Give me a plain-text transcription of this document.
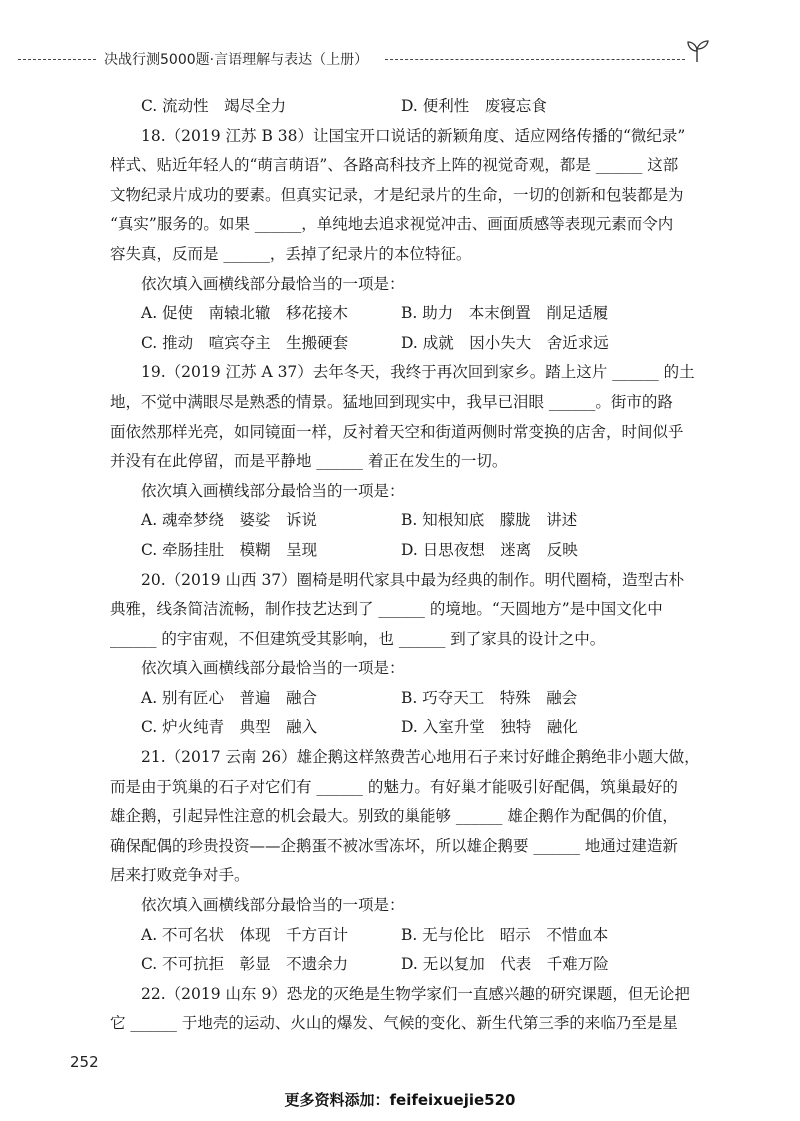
决战行测5000题·言语理解与表达（上册）
C. 流动性　竭尽全力	D. 便利性　废寝忘食

18.（2019 江苏 B 38）让国宝开口说话的新颖角度、适应网络传播的“微纪录”

样式、贴近年轻人的“萌言萌语”、各路高科技齐上阵的视觉奇观，都是 ______ 这部

文物纪录片成功的要素。但真实记录，才是纪录片的生命，一切的创新和包装都是为

“真实”服务的。如果 ______，单纯地去追求视觉冲击、画面质感等表现元素而令内

容失真，反而是 ______，丢掉了纪录片的本位特征。

依次填入画横线部分最恰当的一项是：

A. 促使　南辕北辙　移花接木	B. 助力　本末倒置　削足适履
C. 推动　喧宾夺主　生搬硬套	D. 成就　因小失大　舍近求远

19.（2019 江苏 A 37）去年冬天，我终于再次回到家乡。踏上这片 ______ 的土

地，不觉中满眼尽是熟悉的情景。猛地回到现实中，我早已泪眼 ______。街市的路

面依然那样光亮，如同镜面一样，反衬着天空和街道两侧时常变换的店舍，时间似乎

并没有在此停留，而是平静地 ______ 着正在发生的一切。

依次填入画横线部分最恰当的一项是：

A. 魂牵梦绕　婆娑　诉说	B. 知根知底　朦胧　讲述
C. 牵肠挂肚　模糊　呈现	D. 日思夜想　迷离　反映

20.（2019 山西 37）圈椅是明代家具中最为经典的制作。明代圈椅，造型古朴

典雅，线条简洁流畅，制作技艺达到了 ______ 的境地。“天圆地方”是中国文化中

______ 的宇宙观，不但建筑受其影响，也 ______ 到了家具的设计之中。

依次填入画横线部分最恰当的一项是：

A. 别有匠心　普遍　融合	B. 巧夺天工　特殊　融会
C. 炉火纯青　典型　融入	D. 入室升堂　独特　融化

21.（2017 云南 26）雄企鹅这样煞费苦心地用石子来讨好雌企鹅绝非小题大做，

而是由于筑巢的石子对它们有 ______ 的魅力。有好巢才能吸引好配偶，筑巢最好的

雄企鹅，引起异性注意的机会最大。别致的巢能够 ______ 雄企鹅作为配偶的价值，

确保配偶的珍贵投资——企鹅蛋不被冰雪冻坏，所以雄企鹅要 ______ 地通过建造新

居来打败竞争对手。

依次填入画横线部分最恰当的一项是：

A. 不可名状　体现　千方百计	B. 无与伦比　昭示　不惜血本
C. 不可抗拒　彰显　不遗余力	D. 无以复加　代表　千难万险

22.（2019 山东 9）恐龙的灭绝是生物学家们一直感兴趣的研究课题，但无论把

它 ______ 于地壳的运动、火山的爆发、气候的变化、新生代第三季的来临乃至是星

252
更多资料添加：feifeixuejie520
